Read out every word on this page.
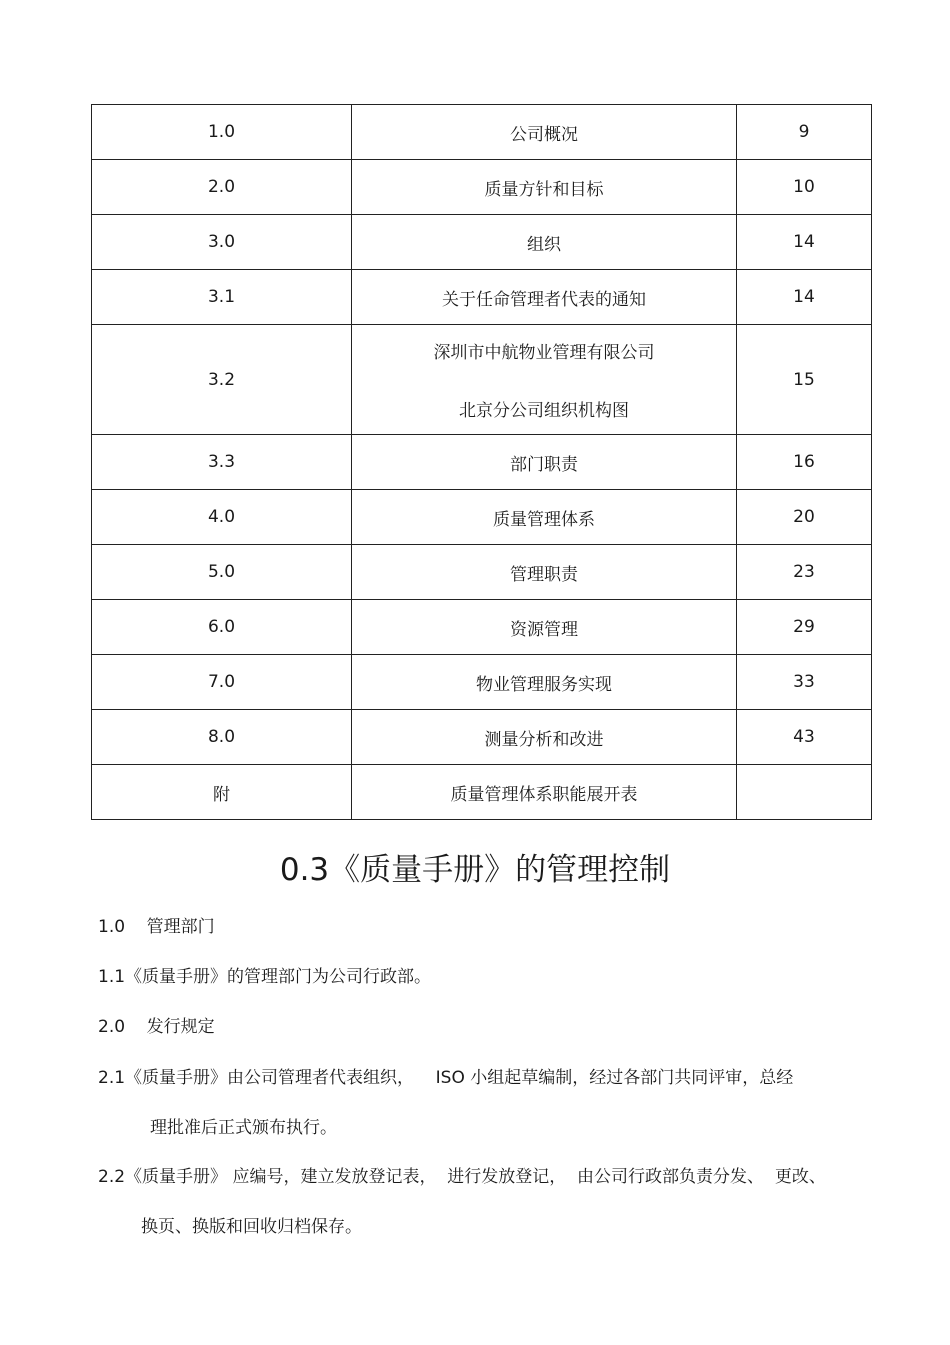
1.0	公司概况	9
2.0	质量方针和目标	10
3.0	组织	14
3.1	关于任命管理者代表的通知	14
3.2	深圳市中航物业管理有限公司
北京分公司组织机构图	15
3.3	部门职责	16
4.0	质量管理体系	20
5.0	管理职责	23
6.0	资源管理	29
7.0	物业管理服务实现	33
8.0	测量分析和改进	43
附	质量管理体系职能展开表	
0.3《质量手册》的管理控制
1.0    管理部门
1.1《质量手册》的管理部门为公司行政部。
2.0    发行规定
2.1《质量手册》由公司管理者代表组织，    ISO 小组起草编制，经过各部门共同评审，总经
理批准后正式颁布执行。
2.2《质量手册》 应编号，建立发放登记表，  进行发放登记，  由公司行政部负责分发、  更改、
换页、换版和回收归档保存。
